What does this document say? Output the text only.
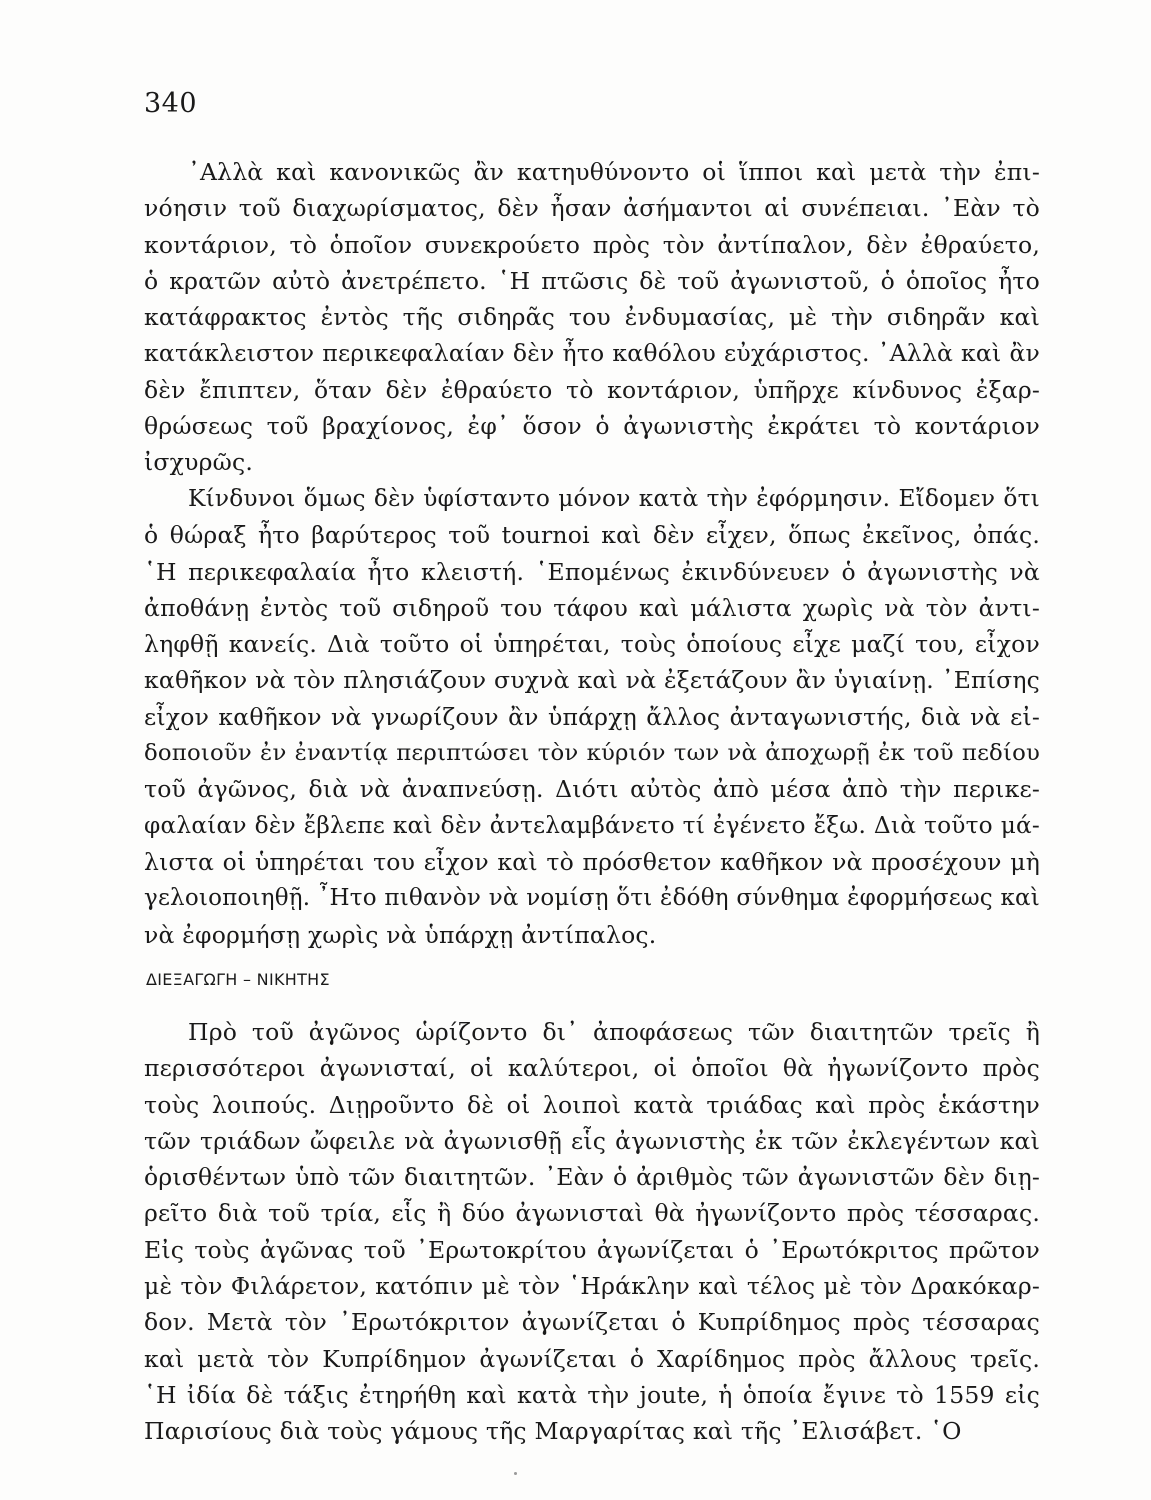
340
᾽Αλλὰ καὶ κανονικῶς ἂν κατηυθύνοντο οἱ ἵπποι καὶ μετὰ τὴν ἐπι-
νόησιν τοῦ διαχωρίσματος, δὲν ἦσαν ἀσήμαντοι αἱ συνέπειαι. ᾽Εὰν τὸ
κοντάριον, τὸ ὁποῖον συνεκρούετο πρὸς τὸν ἀντίπαλον, δὲν ἐθραύετο,
ὁ κρατῶν αὐτὸ ἀνετρέπετο. ῾Η πτῶσις δὲ τοῦ ἀγωνιστοῦ, ὁ ὁποῖος ἦτο
κατάφρακτος ἐντὸς τῆς σιδηρᾶς του ἐνδυμασίας, μὲ τὴν σιδηρᾶν καὶ
κατάκλειστον περικεφαλαίαν δὲν ἦτο καθόλου εὐχάριστος. ᾽Αλλὰ καὶ ἂν
δὲν ἔπιπτεν, ὅταν δὲν ἐθραύετο τὸ κοντάριον, ὑπῆρχε κίνδυνος ἐξαρ-
θρώσεως τοῦ βραχίονος, ἐφ᾽ ὅσον ὁ ἀγωνιστὴς ἐκράτει τὸ κοντάριον
ἰσχυρῶς.
Κίνδυνοι ὅμως δὲν ὑφίσταντο μόνον κατὰ τὴν ἐφόρμησιν. Εἴδομεν ὅτι
ὁ θώραξ ἦτο βαρύτερος τοῦ tournoi καὶ δὲν εἶχεν, ὅπως ἐκεῖνος, ὀπάς.
῾Η περικεφαλαία ἦτο κλειστή. ῾Επομένως ἐκινδύνευεν ὁ ἀγωνιστὴς νὰ
ἀποθάνῃ ἐντὸς τοῦ σιδηροῦ του τάφου καὶ μάλιστα χωρὶς νὰ τὸν ἀντι-
ληφθῇ κανείς. Διὰ τοῦτο οἱ ὑπηρέται, τοὺς ὁποίους εἶχε μαζί του, εἶχον
καθῆκον νὰ τὸν πλησιάζουν συχνὰ καὶ νὰ ἐξετάζουν ἂν ὑγιαίνῃ. ᾽Επίσης
εἶχον καθῆκον νὰ γνωρίζουν ἂν ὑπάρχῃ ἄλλος ἀνταγωνιστής, διὰ νὰ εἰ-
δοποιοῦν ἐν ἐναντίᾳ περιπτώσει τὸν κύριόν των νὰ ἀποχωρῇ ἐκ τοῦ πεδίου
τοῦ ἀγῶνος, διὰ νὰ ἀναπνεύσῃ. Διότι αὐτὸς ἀπὸ μέσα ἀπὸ τὴν περικε-
φαλαίαν δὲν ἔβλεπε καὶ δὲν ἀντελαμβάνετο τί ἐγένετο ἔξω. Διὰ τοῦτο μά-
λιστα οἱ ὑπηρέται του εἶχον καὶ τὸ πρόσθετον καθῆκον νὰ προσέχουν μὴ
γελοιοποιηθῇ. ῏Ητο πιθανὸν νὰ νομίσῃ ὅτι ἐδόθη σύνθημα ἐφορμήσεως καὶ
νὰ ἐφορμήσῃ χωρὶς νὰ ὑπάρχῃ ἀντίπαλος.
ΔΙΕΞΑΓΩΓΗ – ΝΙΚΗΤΗΣ
Πρὸ τοῦ ἀγῶνος ὡρίζοντο δι᾽ ἀποφάσεως τῶν διαιτητῶν τρεῖς ἢ
περισσότεροι ἀγωνισταί, οἱ καλύτεροι, οἱ ὁποῖοι θὰ ἠγωνίζοντο πρὸς
τοὺς λοιπούς. Διῃροῦντο δὲ οἱ λοιποὶ κατὰ τριάδας καὶ πρὸς ἑκάστην
τῶν τριάδων ὤφειλε νὰ ἀγωνισθῇ εἷς ἀγωνιστὴς ἐκ τῶν ἐκλεγέντων καὶ
ὁρισθέντων ὑπὸ τῶν διαιτητῶν. ᾽Εὰν ὁ ἀριθμὸς τῶν ἀγωνιστῶν δὲν διῃ-
ρεῖτο διὰ τοῦ τρία, εἷς ἢ δύο ἀγωνισταὶ θὰ ἠγωνίζοντο πρὸς τέσσαρας.
Εἰς τοὺς ἀγῶνας τοῦ ᾽Ερωτοκρίτου ἀγωνίζεται ὁ ᾽Ερωτόκριτος πρῶτον
μὲ τὸν Φιλάρετον, κατόπιν μὲ τὸν ῾Ηράκλην καὶ τέλος μὲ τὸν Δρακόκαρ-
δον. Μετὰ τὸν ᾽Ερωτόκριτον ἀγωνίζεται ὁ Κυπρίδημος πρὸς τέσσαρας
καὶ μετὰ τὸν Κυπρίδημον ἀγωνίζεται ὁ Χαρίδημος πρὸς ἄλλους τρεῖς.
῾Η ἰδία δὲ τάξις ἐτηρήθη καὶ κατὰ τὴν joute, ἡ ὁποία ἔγινε τὸ 1559 εἰς
Παρισίους διὰ τοὺς γάμους τῆς Μαργαρίτας καὶ τῆς ᾽Ελισάβετ. ῾Ο
